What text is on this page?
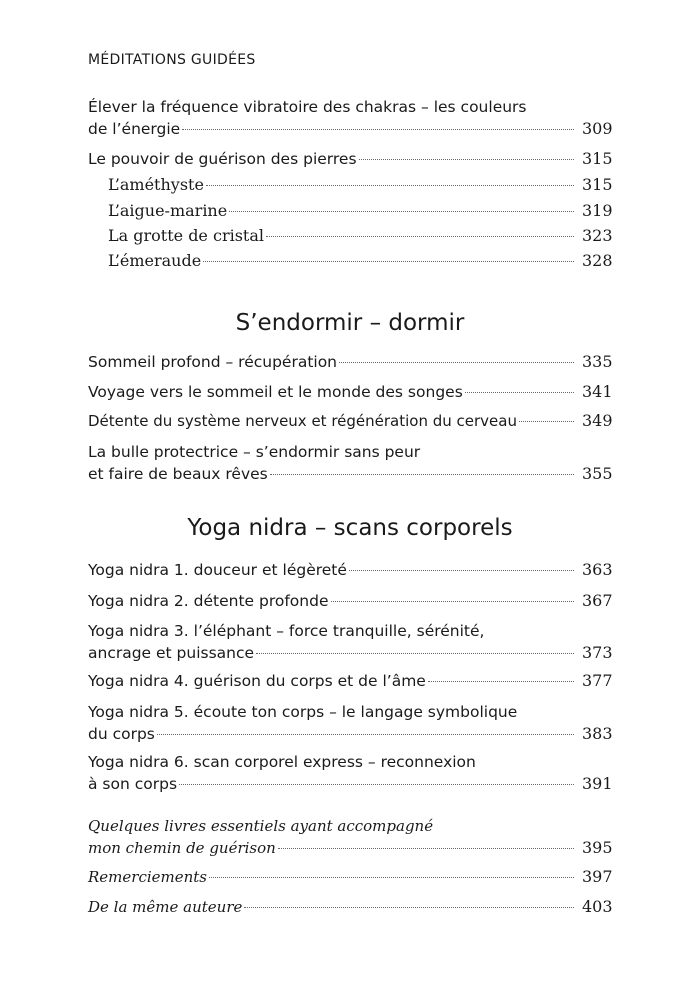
MÉDITATIONS GUIDÉES
Élever la fréquence vibratoire des chakras – les couleurs
de l’énergie	309
Le pouvoir de guérison des pierres	315
L’améthyste	315
L’aigue-marine	319
La grotte de cristal	323
L’émeraude	328
S’endormir – dormir
Sommeil profond – récupération	335
Voyage vers le sommeil et le monde des songes	341
Détente du système nerveux et régénération du cerveau	349
La bulle protectrice – s’endormir sans peur
et faire de beaux rêves	355
Yoga nidra – scans corporels
Yoga nidra 1. douceur et légèreté	363
Yoga nidra 2. détente profonde	367
Yoga nidra 3. l’éléphant – force tranquille, sérénité,
ancrage et puissance	373
Yoga nidra 4. guérison du corps et de l’âme	377
Yoga nidra 5. écoute ton corps – le langage symbolique
du corps	383
Yoga nidra 6. scan corporel express – reconnexion
à son corps	391
Quelques livres essentiels ayant accompagné
mon chemin de guérison	395
Remerciements	397
De la même auteure	403
